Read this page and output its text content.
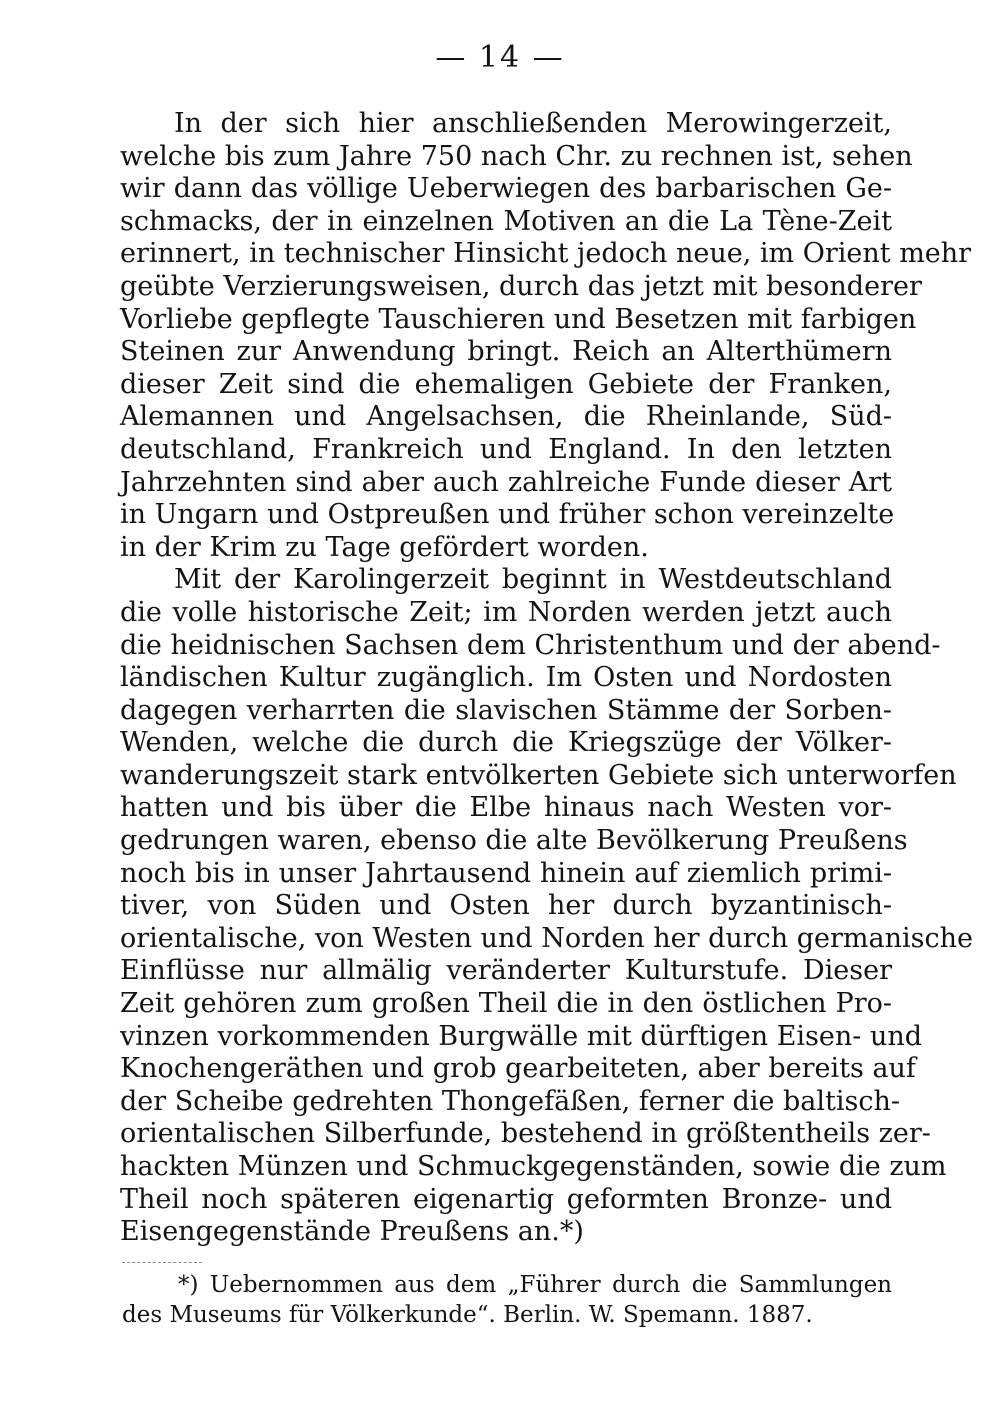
— 14 —
In der sich hier anschließenden Merowingerzeit,
welche bis zum Jahre 750 nach Chr. zu rechnen ist, sehen
wir dann das völlige Ueberwiegen des barbarischen Ge-
schmacks, der in einzelnen Motiven an die La Tène-Zeit
erinnert, in technischer Hinsicht jedoch neue, im Orient mehr
geübte Verzierungsweisen, durch das jetzt mit besonderer
Vorliebe gepflegte Tauschieren und Besetzen mit farbigen
Steinen zur Anwendung bringt. Reich an Alterthümern
dieser Zeit sind die ehemaligen Gebiete der Franken,
Alemannen und Angelsachsen, die Rheinlande, Süd-
deutschland, Frankreich und England. In den letzten
Jahrzehnten sind aber auch zahlreiche Funde dieser Art
in Ungarn und Ostpreußen und früher schon vereinzelte
in der Krim zu Tage gefördert worden.
Mit der Karolingerzeit beginnt in Westdeutschland
die volle historische Zeit; im Norden werden jetzt auch
die heidnischen Sachsen dem Christenthum und der abend-
ländischen Kultur zugänglich. Im Osten und Nordosten
dagegen verharrten die slavischen Stämme der Sorben-
Wenden, welche die durch die Kriegszüge der Völker-
wanderungszeit stark entvölkerten Gebiete sich unterworfen
hatten und bis über die Elbe hinaus nach Westen vor-
gedrungen waren, ebenso die alte Bevölkerung Preußens
noch bis in unser Jahrtausend hinein auf ziemlich primi-
tiver, von Süden und Osten her durch byzantinisch-
orientalische, von Westen und Norden her durch germanische
Einflüsse nur allmälig veränderter Kulturstufe. Dieser
Zeit gehören zum großen Theil die in den östlichen Pro-
vinzen vorkommenden Burgwälle mit dürftigen Eisen- und
Knochengeräthen und grob gearbeiteten, aber bereits auf
der Scheibe gedrehten Thongefäßen, ferner die baltisch-
orientalischen Silberfunde, bestehend in größtentheils zer-
hackten Münzen und Schmuckgegenständen, sowie die zum
Theil noch späteren eigenartig geformten Bronze- und
Eisengegenstände Preußens an.*)
*) Uebernommen aus dem „Führer durch die Sammlungen
des Museums für Völkerkunde“. Berlin. W. Spemann. 1887.
